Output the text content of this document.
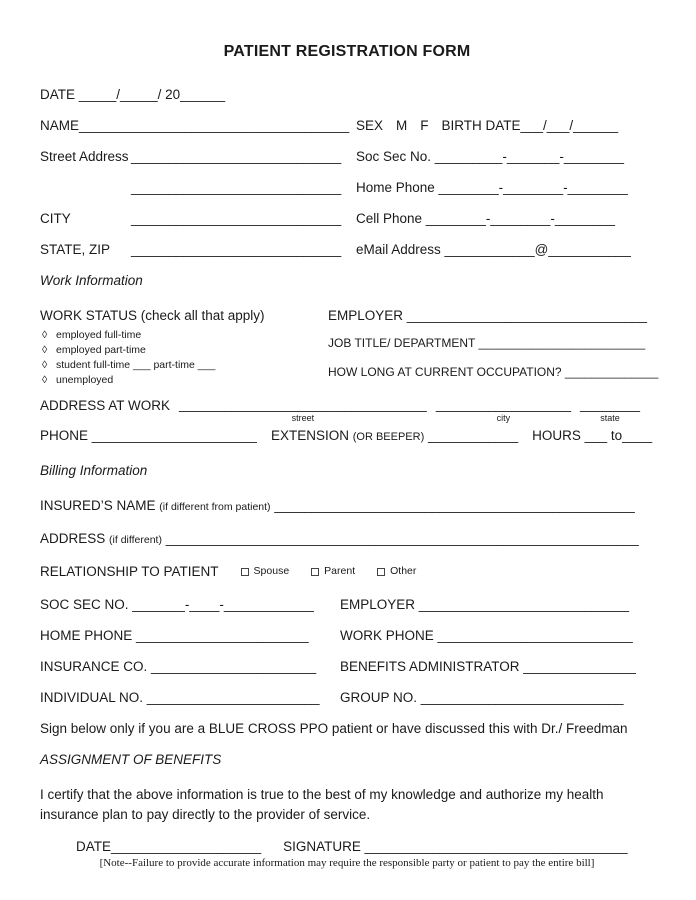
PATIENT REGISTRATION FORM
DATE _____/_____/ 20______
NAME____________________________________ SEX M F BIRTH DATE___/___/______
Street Address ____________________________ Soc Sec No. _________-_______-________
____________________________ Home Phone ________-________-________
CITY	____________________________ Cell Phone ________-________-________
STATE, ZIP	____________________________ eMail Address ____________@___________
Work Information
WORK STATUS (check all that apply)
◊ employed full-time
◊ employed part-time
◊ student full-time ___ part-time ___
◊ unemployed
EMPLOYER ________________________________
JOB TITLE/ DEPARTMENT _________________________
HOW LONG AT CURRENT OCCUPATION? ______________
ADDRESS AT WORK _________________________________
street
__________________
city
________
state
PHONE ______________________ EXTENSION (OR BEEPER) ____________ HOURS ___ to____
Billing Information
INSURED’S NAME (if different from patient) ________________________________________________
ADDRESS (if different) _______________________________________________________________
RELATIONSHIP TO PATIENT	Spouse	Parent	Other
SOC SEC NO. _______-____-____________ EMPLOYER ____________________________
HOME PHONE _______________________ WORK PHONE __________________________
INSURANCE CO. ______________________ BENEFITS ADMINISTRATOR _______________
INDIVIDUAL NO. _______________________ GROUP NO. ___________________________
Sign below only if you are a BLUE CROSS PPO patient or have discussed this with Dr./ Freedman
ASSIGNMENT OF BENEFITS
I certify that the above information is true to the best of my knowledge and authorize my health insurance plan to pay directly to the provider of service.
DATE____________________ SIGNATURE ___________________________________
[Note--Failure to provide accurate information may require the responsible party or patient to pay the entire bill]
